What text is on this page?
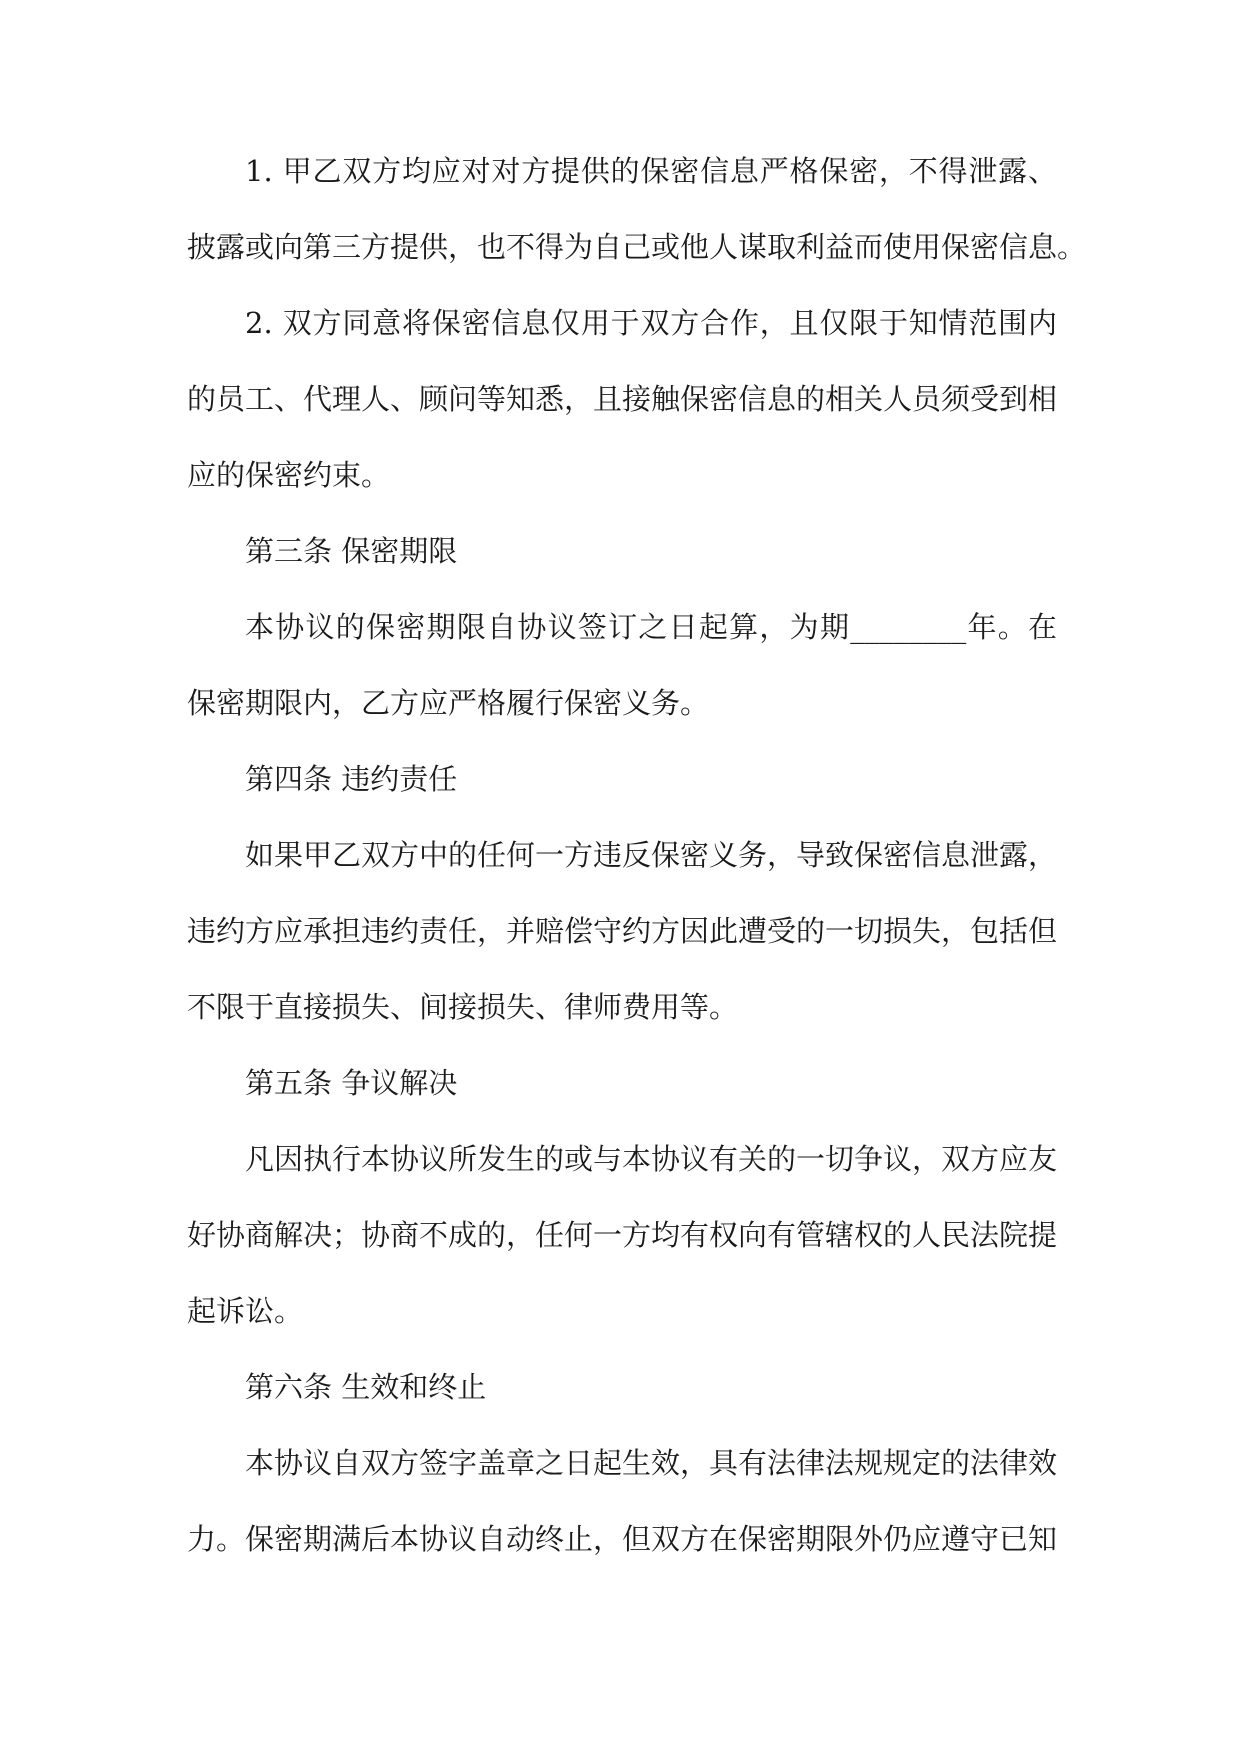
1. 甲乙双方均应对对方提供的保密信息严格保密，不得泄露、
披露或向第三方提供，也不得为自己或他人谋取利益而使用保密信息。
2. 双方同意将保密信息仅用于双方合作，且仅限于知情范围内
的员工、代理人、顾问等知悉，且接触保密信息的相关人员须受到相
应的保密约束。
第三条 保密期限
本协议的保密期限自协议签订之日起算，为期________年。在
保密期限内，乙方应严格履行保密义务。
第四条 违约责任
如果甲乙双方中的任何一方违反保密义务，导致保密信息泄露，
违约方应承担违约责任，并赔偿守约方因此遭受的一切损失，包括但
不限于直接损失、间接损失、律师费用等。
第五条 争议解决
凡因执行本协议所发生的或与本协议有关的一切争议，双方应友
好协商解决；协商不成的，任何一方均有权向有管辖权的人民法院提
起诉讼。
第六条 生效和终止
本协议自双方签字盖章之日起生效，具有法律法规规定的法律效
力。保密期满后本协议自动终止，但双方在保密期限外仍应遵守已知
